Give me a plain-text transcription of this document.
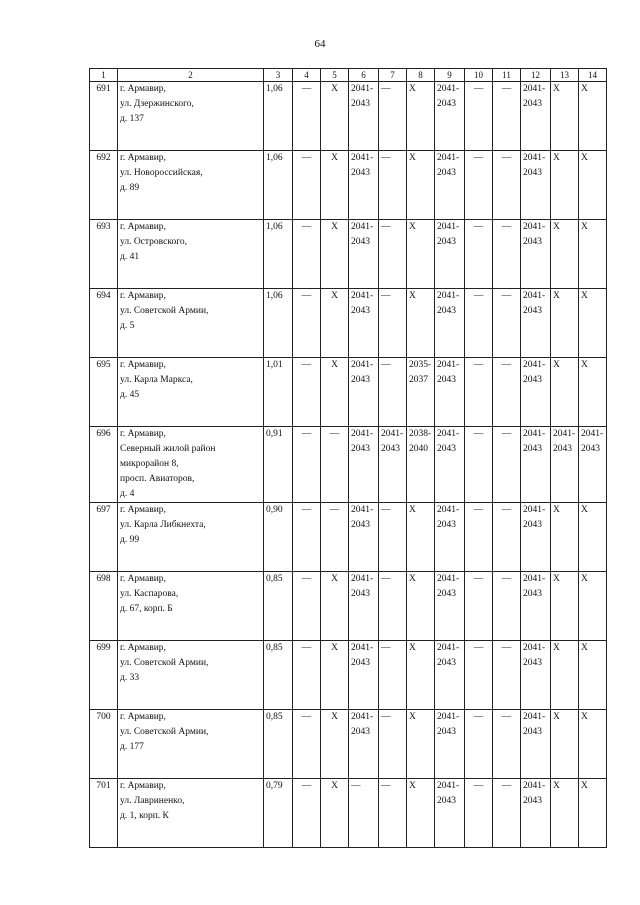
64
1	2	3	4	5	6	7	8	9	10	11	12	13	14
691	г. Армавир,
ул. Дзержинского,
д. 137	1,06	—	X	2041-
2043	—	X	2041-
2043	—	—	2041-
2043	X	X

692	г. Армавир,
ул. Новороссийская,
д. 89	1,06	—	X	2041-
2043	—	X	2041-
2043	—	—	2041-
2043	X	X

693	г. Армавир,
ул. Островского,
д. 41	1,06	—	X	2041-
2043	—	X	2041-
2043	—	—	2041-
2043	X	X

694	г. Армавир,
ул. Советской Армии,
д. 5	1,06	—	X	2041-
2043	—	X	2041-
2043	—	—	2041-
2043	X	X

695	г. Армавир,
ул. Карла Маркса,
д. 45	1,01	—	X	2041-
2043	—	2035-
2037	2041-
2043	—	—	2041-
2043	X	X

696	г. Армавир,
Северный жилой район
микрорайон 8,
просп. Авиаторов,
д. 4	0,91	—	—	2041-
2043	2041-
2043	2038-
2040	2041-
2043	—	—	2041-
2043	2041-
2043	2041-
2043

697	г. Армавир,
ул. Карла Либкнехта,
д. 99	0,90	—	—	2041-
2043	—	X	2041-
2043	—	—	2041-
2043	X	X

698	г. Армавир,
ул. Каспарова,
д. 67, корп. Б	0,85	—	X	2041-
2043	—	X	2041-
2043	—	—	2041-
2043	X	X

699	г. Армавир,
ул. Советской Армии,
д. 33	0,85	—	X	2041-
2043	—	X	2041-
2043	—	—	2041-
2043	X	X

700	г. Армавир,
ул. Советской Армии,
д. 177	0,85	—	X	2041-
2043	—	X	2041-
2043	—	—	2041-
2043	X	X

701	г. Армавир,
ул. Лавриненко,
д. 1, корп. К	0,79	—	X	—	—	X	2041-
2043	—	—	2041-
2043	X	X
